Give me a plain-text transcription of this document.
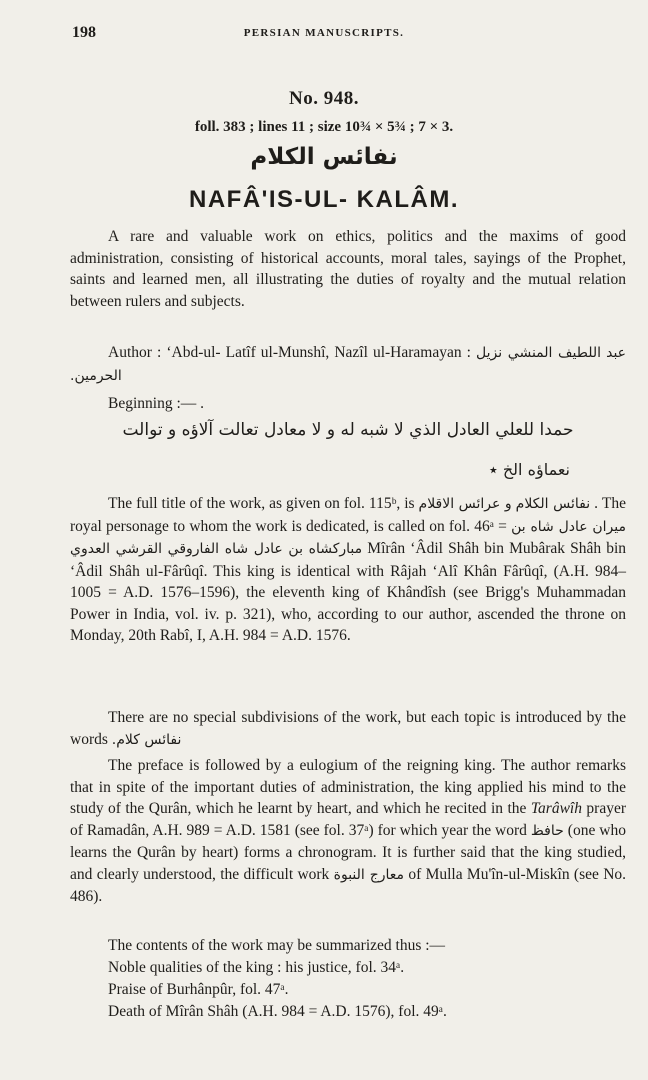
198	PERSIAN MANUSCRIPTS.
No. 948.
foll. 383 ; lines 11 ; size 10¾ × 5¾ ; 7 × 3.
نفائس الکلام
NAFÂ'IS-UL- KALÂM.

A rare and valuable work on ethics, politics and the maxims of good administration, consisting of historical accounts, moral tales, sayings of the Prophet, saints and learned men, all illustrating the duties of royalty and the mutual relation between rulers and subjects.

Author : ‘Abd-ul- Latîf ul-Munshî, Nazîl ul-Haramayan :	عبد اللطیف المنشي نزیل الحرمین.

Beginning :— .

حمدا للعلي العادل الذي لا شبه له و لا معادل تعالت آلاؤه و توالت
نعماؤه الخ ٭

The full title of the work, as given on fol. 115ᵇ, is	نفائس الکلام و عرائس الاقلام	. The royal personage to whom the work is dedicated, is called on fol. 46ᵃ = میران عادل شاه بن مبارکشاه بن عادل شاه الفاروقي القرشي العدوي Mîrân ‘Âdil Shâh bin Mubârak Shâh bin ‘Âdil Shâh ul-Fârûqî. This king is identical with Râjah ‘Alî Khân Fârûqî, (A.H. 984–1005 = A.D. 1576–1596), the eleventh king of Khândîsh (see Brigg's Muhammadan Power in India, vol. iv. p. 321), who, according to our author, ascended the throne on Monday, 20th Rabî, I, A.H. 984 = A.D. 1576.

There are no special subdivisions of the work, but each topic is introduced by the words نفائس کلام.

The preface is followed by a eulogium of the reigning king. The author remarks that in spite of the important duties of administration, the king applied his mind to the study of the Qurân, which he learnt by heart, and which he recited in the Tarâwîh prayer of Ramadân, A.H. 989 = A.D. 1581 (see fol. 37ᵃ) for which year the word حافظ (one who learns the Qurân by heart) forms a chronogram. It is further said that the king studied, and clearly understood, the difficult work معارج النبوة of Mulla Mu'în-ul-Miskîn (see No. 486).

The contents of the work may be summarized thus :—

Noble qualities of the king : his justice, fol. 34ᵃ.
Praise of Burhânpûr, fol. 47ᵃ.
Death of Mîrân Shâh (A.H. 984 = A.D. 1576), fol. 49ᵃ.
